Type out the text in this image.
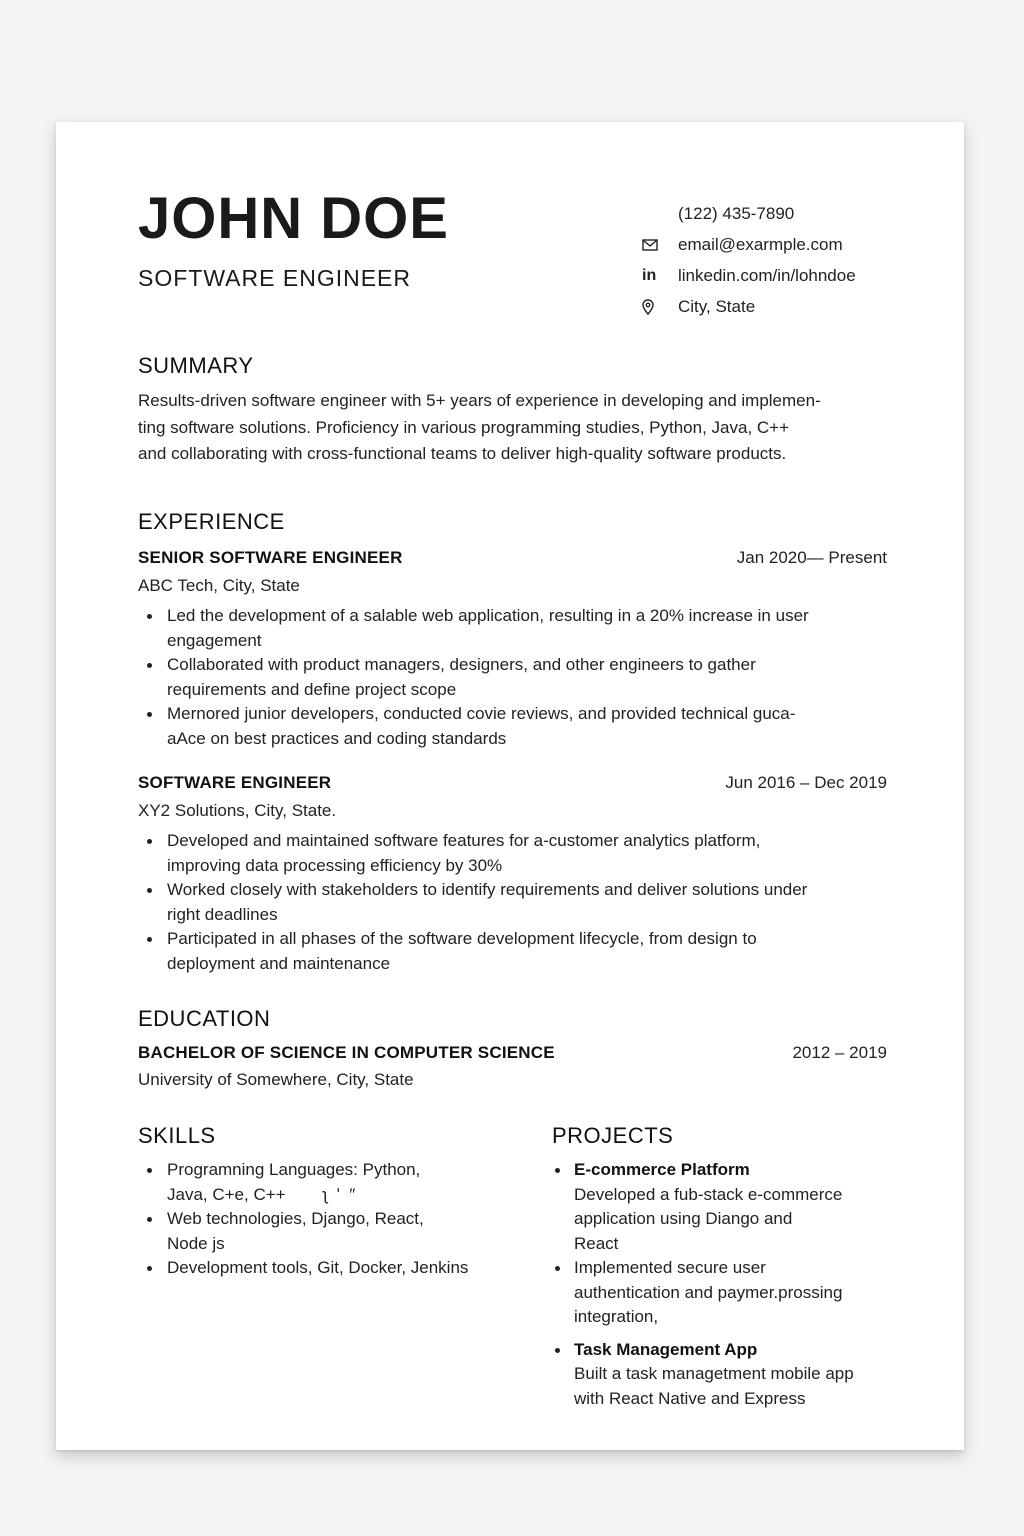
JOHN DOE
SOFTWARE ENGINEER
(122) 435-7890
email@exarmple.com
in	linkedin.com/in/lohndoe
City, State
SUMMARY
Results-driven software engineer with 5+ years of experience in developing and implemen-
ting software solutions. Proficiency in various programming studies, Python, Java, C++
and collaborating with cross-functional teams to deliver high-quality software products.
EXPERIENCE
SENIOR SOFTWARE ENGINEER	Jan 2020— Present
ABC Tech, City, State
Led the development of a salable web application, resulting in a 20% increase in user
engagement
Collaborated with product managers, designers, and other engineers to gather
requirements and define project scope
Mernored junior developers, conducted covie reviews, and provided technical guca-
aAce on best practices and coding standards
SOFTWARE ENGINEER	Jun 2016 – Dec 2019
XY2 Solutions, City, State.
Developed and maintained software features for a-customer analytics platform,
improving data processing efficiency by 30%
Worked closely with stakeholders to identify requirements and deliver solutions under
right deadlines
Participated in all phases of the software development lifecycle, from design to
deployment and maintenance
EDUCATION
BACHELOR OF SCIENCE IN COMPUTER SCIENCE	2012 – 2019
University of Somewhere, City, State
SKILLS
Programning Languages: Python,
Java, C+е, C++        ʅ  ʹ  ″
Web technologies, Django, React,
Node js
Development tools, Git, Docker, Jenkins
PROJECTS
E-commerce Platform
Developed a fub-stack e-commerce
application using Diango and
React
Implemented secure user
authentication and paymer.prossing
integration,
Task Management App
Built a task managetment mobile app
with React Native and Express
